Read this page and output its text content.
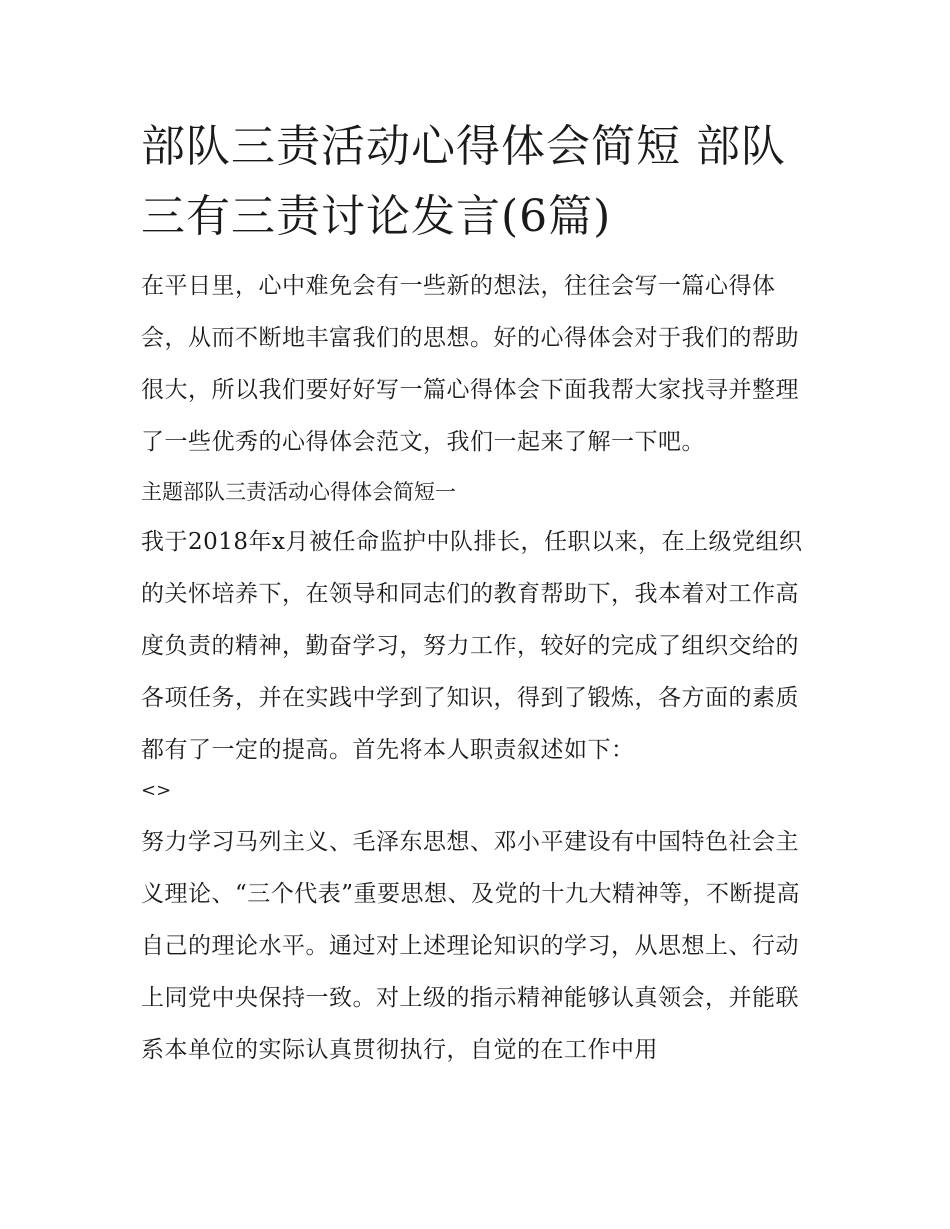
部队三责活动心得体会简短 部队三有三责讨论发言(6篇)

在平日里，心中难免会有一些新的想法，往往会写一篇心得体会，从而不断地丰富我们的思想。好的心得体会对于我们的帮助很大，所以我们要好好写一篇心得体会下面我帮大家找寻并整理了一些优秀的心得体会范文，我们一起来了解一下吧。

主题部队三责活动心得体会简短一

我于2018年x月被任命监护中队排长，任职以来，在上级党组织的关怀培养下，在领导和同志们的教育帮助下，我本着对工作高度负责的精神，勤奋学习，努力工作，较好的完成了组织交给的各项任务，并在实践中学到了知识，得到了锻炼，各方面的素质都有了一定的提高。首先将本人职责叙述如下：

<>

努力学习马列主义、毛泽东思想、邓小平建设有中国特色社会主义理论、“三个代表”重要思想、及党的十九大精神等，不断提高自己的理论水平。通过对上述理论知识的学习，从思想上、行动上同党中央保持一致。对上级的指示精神能够认真领会，并能联系本单位的实际认真贯彻执行，自觉的在工作中用
